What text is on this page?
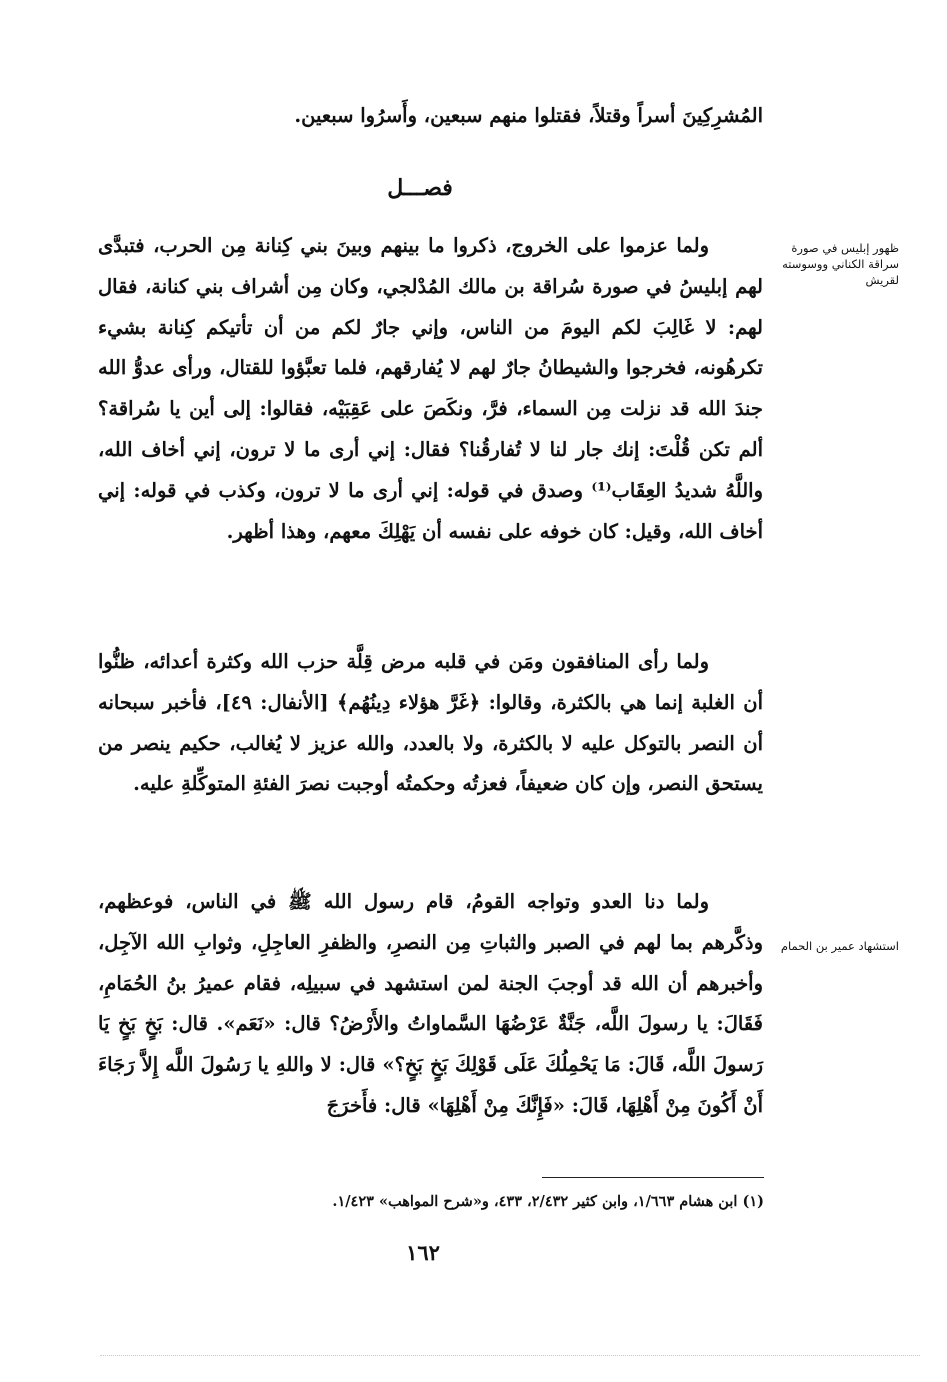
المُشرِكِينَ أسراً وقتلاً، فقتلوا منهم سبعين، وأَسرُوا سبعين.
فصـــل
ظهور إبليس في صورة سراقة الكناني ووسوسته لقريش

ولما عزموا على الخروج، ذكروا ما بينهم وبينَ بني كِنانة مِن الحرب، فتبدَّى لهم إبليسُ في صورة سُراقة بن مالك المُدْلجي، وكان مِن أشراف بني كنانة، فقال لهم: لا غَالِبَ لكم اليومَ من الناس، وإني جارٌ لكم من أن تأتيكم كِنانة بشيء تكرهُونه، فخرجوا والشيطانُ جارٌ لهم لا يُفارقهم، فلما تعبَّؤوا للقتال، ورأى عدوُّ الله جندَ الله قد نزلت مِن السماء، فرَّ، ونكَصَ على عَقِبَيْه، فقالوا: إلى أين يا سُراقة؟ ألم تكن قُلْتَ: إنك جار لنا لا تُفارقُنا؟ فقال: إني أرى ما لا ترون، إني أخاف الله، واللَّهُ شديدُ العِقَاب⁽¹⁾ وصدق في قوله: إني أرى ما لا ترون، وكذب في قوله: إني أخاف الله، وقيل: كان خوفه على نفسه أن يَهْلِكَ معهم، وهذا أظهر.

ولما رأى المنافقون ومَن في قلبه مرض قِلَّة حزب الله وكثرة أعدائه، ظنُّوا أن الغلبة إنما هي بالكثرة، وقالوا: ﴿غَرَّ هؤلاء دِينُهُم﴾ [الأنفال: ٤٩]، فأخبر سبحانه أن النصر بالتوكل عليه لا بالكثرة، ولا بالعدد، والله عزيز لا يُغالب، حكيم ينصر من يستحق النصر، وإن كان ضعيفاً، فعزتُه وحكمتُه أوجبت نصرَ الفئةِ المتوكِّلةِ عليه.

استشهاد عمير بن الحمام

ولما دنا العدو وتواجه القومُ، قام رسول الله ﷺ في الناس، فوعظهم، وذكَّرهم بما لهم في الصبر والثباتِ مِن النصرِ، والظفرِ العاجِلِ، وثوابِ الله الآجِل، وأخبرهم أن الله قد أوجبَ الجنة لمن استشهد في سبيلِه، فقام عميرُ بنُ الحُمَامِ، فَقَالَ: يا رسولَ اللَّه، جَنَّةٌ عَرْضُهَا السَّماواتُ والأَرْضُ؟ قال: «نَعَم». قال: بَخٍ بَخٍ يَا رَسولَ اللَّه، قَالَ: مَا يَحْمِلُكَ عَلَى قَوْلِكَ بَخٍ بَخٍ؟» قال: لا واللهِ يا رَسُولَ اللَّه إِلاَّ رَجَاءَ أَنْ أَكُونَ مِنْ أَهْلِهَا، قَالَ: «فَإِنَّكَ مِنْ أَهْلِهَا» قال: فأَخرَجَ

(١) ابن هشام ١/٦٦٣، وابن كثير ٢/٤٣٢، ٤٣٣، و«شرح المواهب» ١/٤٢٣.
١٦٢
